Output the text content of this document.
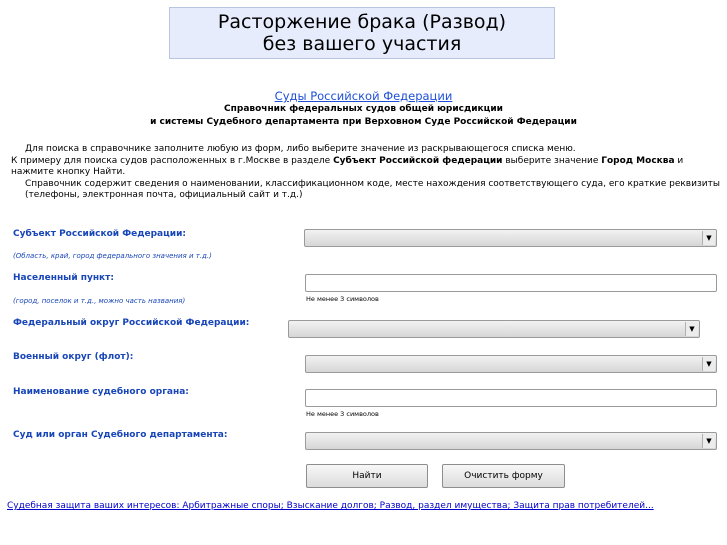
Расторжение брака (Развод)
без вашего участия
Суды Российской Федерации
Справочник федеральных судов общей юрисдикции
и системы Судебного департамента при Верховном Суде Российской Федерации

Для поиска в справочнике заполните любую из форм, либо выберите значение из раскрывающегося списка меню.

К примеру для поиска судов расположенных в г.Москве в разделе Субъект Российской федерации выберите значение Город Москва и нажмите кнопку Найти.

Справочник содержит сведения о наименовании, классификационном коде, месте нахождения соответствующего суда, его краткие реквизиты (телефоны, электронная почта, официальный сайт и т.д.)

Субъект Российской Федерации:
(Область, край, город федерального значения и т.д.)
▼
Населенный пункт:
(город, поселок и т.д., можно часть названия)	Не менее 3 символов
Федеральный округ Российской Федерации:
▼
Военный округ (флот):
▼
Наименование судебного органа:
Не менее 3 символов
Суд или орган Судебного департамента:
▼
Найти	Очистить форму
Судебная защита ваших интересов: Арбитражные споры; Взыскание долгов; Развод, раздел имущества; Защита прав потребителей...
